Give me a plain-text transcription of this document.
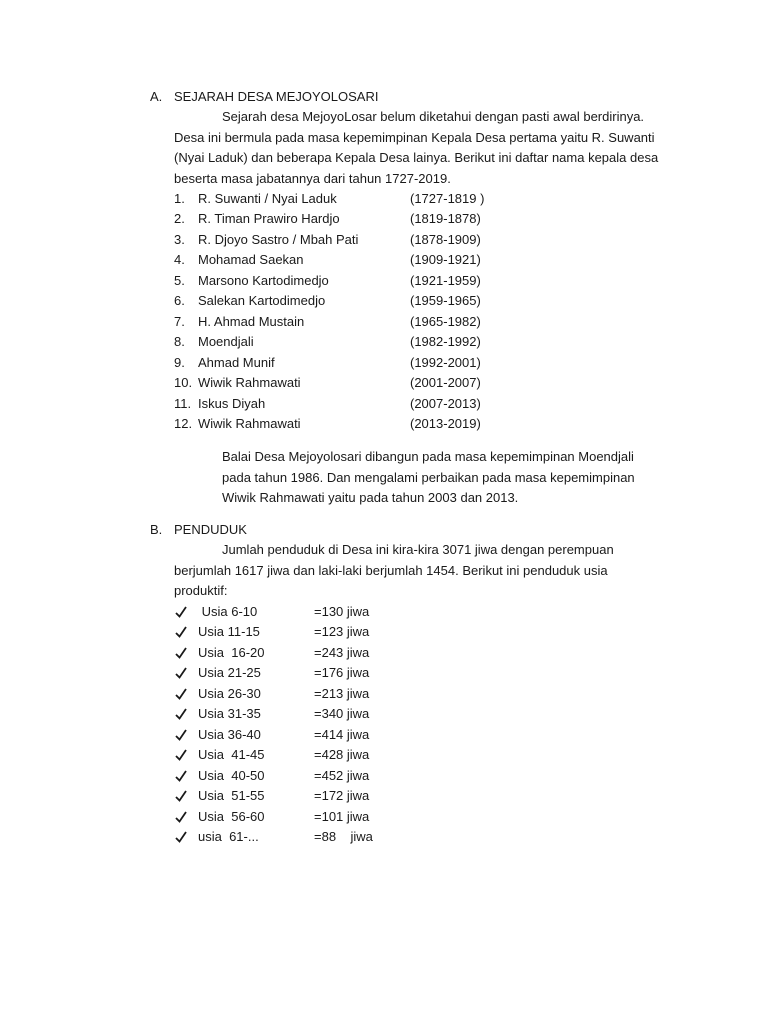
A. SEJARAH DESA MEJOYOLOSARI
Sejarah desa MejoyoLosar belum diketahui dengan pasti awal berdirinya.
Desa ini bermula pada masa kepemimpinan Kepala Desa pertama yaitu R. Suwanti
(Nyai Laduk) dan beberapa Kepala Desa lainya. Berikut ini daftar nama kepala desa
beserta masa jabatannya dari tahun 1727-2019.
1. R. Suwanti / Nyai Laduk	(1727-1819 )
2. R. Timan Prawiro Hardjo	(1819-1878)
3. R. Djoyo Sastro / Mbah Pati	(1878-1909)
4. Mohamad Saekan	(1909-1921)
5. Marsono Kartodimedjo	(1921-1959)
6. Salekan Kartodimedjo	(1959-1965)
7. H. Ahmad Mustain	(1965-1982)
8. Moendjali	(1982-1992)
9. Ahmad Munif	(1992-2001)
10. Wiwik Rahmawati	(2001-2007)
11. Iskus Diyah	(2007-2013)
12. Wiwik Rahmawati	(2013-2019)
Balai Desa Mejoyolosari dibangun pada masa kepemimpinan Moendjali
pada tahun 1986. Dan mengalami perbaikan pada masa kepemimpinan
Wiwik Rahmawati yaitu pada tahun 2003 dan 2013.
B. PENDUDUK
Jumlah penduduk di Desa ini kira-kira 3071 jiwa dengan perempuan
berjumlah 1617 jiwa dan laki-laki berjumlah 1454. Berikut ini penduduk usia
produktif:
Usia 6-10	=130 jiwa
Usia 11-15	=123 jiwa
Usia  16-20	=243 jiwa
Usia 21-25	=176 jiwa
Usia 26-30	=213 jiwa
Usia 31-35	=340 jiwa
Usia 36-40	=414 jiwa
Usia  41-45	=428 jiwa
Usia  40-50	=452 jiwa
Usia  51-55	=172 jiwa
Usia  56-60	=101 jiwa
usia  61-...	=88    jiwa
